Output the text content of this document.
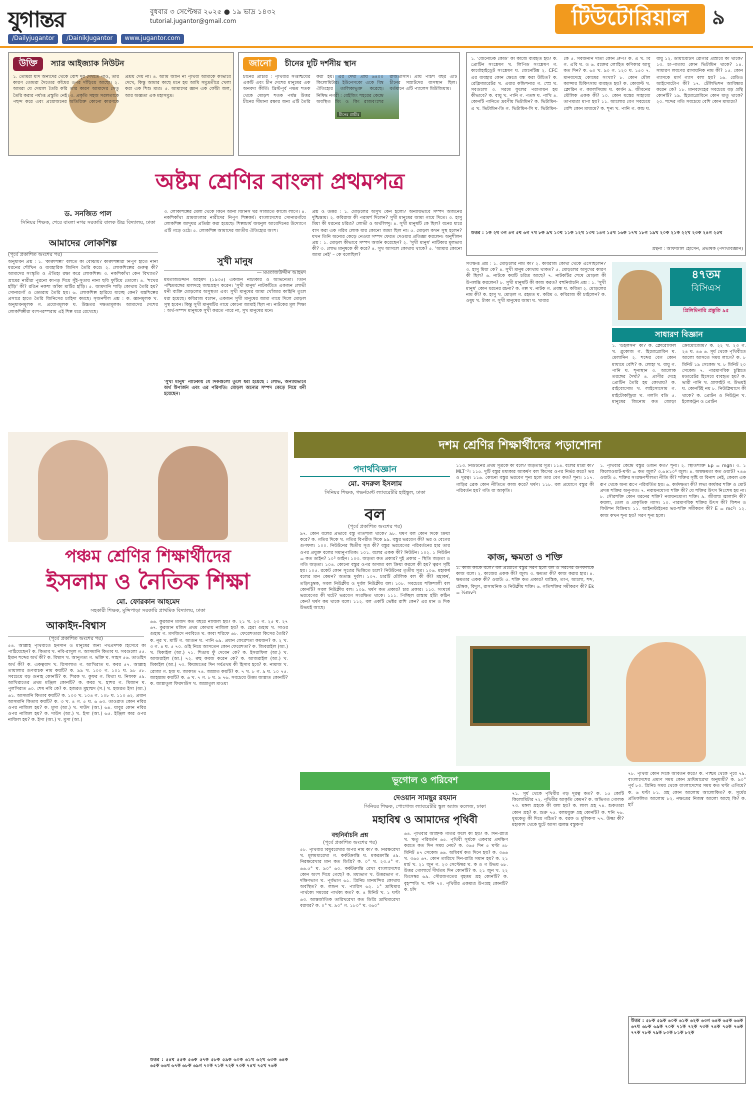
যুগান্তর	বুধবার ৩ সেপ্টেম্বর ২০২৫ ● ১৯ ভাদ্র ১৪৩২
tutorial.jugantor@gmail.com
/Dailyjugantor	/DainikJugantor	www.jugantor.com
টিউটোরিয়াল	৯
উক্তি স্যার আইজ্যাক নিউটন
১. তোমরা যদি অন্যদের থেকে বেশি দূর দেখতে পাও, তার কারণ তোমরা দৈত্যের কাঁধের ওপর দাঁড়িয়ে আছো। ২. আমরা যে দেয়াল তৈরি করি তার কারণ আমাদের সেতু তৈরি করার পর্যাপ্ত প্রস্তুতি নেই। ৩. প্রকৃতি সহজ সরলতাকে পছন্দ করে এবং প্রয়োজনের অতিরিক্ত কোনো কারণকে প্রশ্রয় দেয় না। ৪. আমি জানি না পৃথিবী আমাকে কীভাবে দেখে, কিন্তু আমার কাছে মনে হয় আমি সমুদ্রতীরে খেলা করা এক শিশু মাত্র। ৫. আমাদের জ্ঞান এক ফোঁটা জল, আর অজ্ঞতা এক মহাসমুদ্র।
জানো চীনের দুটি দর্শনীয় স্থান
চীনের প্রাচীর
চীনের প্রাচীর : পৃথিবীর সপ্তাশ্চর্যের একটি এবং চীন দেশের মানুষের এক অনবদ্য কীর্তি। খ্রিস্টপূর্ব পঞ্চম শতক থেকে ষোড়শ শতক পর্যন্ত উত্তর চীনের সীমানা রক্ষার জন্য এটি তৈরি করা হয়। এর দৈর্ঘ্য প্রায় ৬৪০০ কিলোমিটার। ইউনেসকো একে বিশ্ব ঐতিহ্যের তালিকাভুক্ত করেছে। নিষিদ্ধ নগরী : বেইজিং শহরের কেন্দ্রে অবস্থিত মিং ও কিং রাজবংশের রাজপ্রাসাদ। প্রায় পাঁচশ বছর এটি চীনের সম্রাটদের বাসস্থান ছিল। বর্তমানে এটি প্যালেস মিউজিয়াম।
১. 'জেনেটিক কোড' কী কাজে ব্যবহৃত হয়? ক. প্রোটিন সংশ্লেষণ খ. লিপিড সংশ্লেষণ গ. কার্বোহাইড্রেট সংশ্লেষণ ঘ. জেনেটিক্স ২. CFC এর ব্যবহার কোন ক্ষেত্রে বন্ধ করা উচিত? ক. রেফ্রিজারেটর খ. এয়ার কন্ডিশনার গ. স্প্রে ঘ. সবগুলো ৩. সরষে ফুলের পরাগায়ন হয় কীভাবে? ক. বায়ু খ. পানি গ. পতঙ্গ ঘ. পাখি ৪. কোনটি পানিতে দ্রবণীয় ভিটামিন? ক. ভিটামিন-এ খ. ভিটামিন-ডি গ. ভিটামিন-সি ঘ. ভিটামিন-কে ৫. সর্বজনীন দাতা কোন গ্রুপ? ক. এ খ. বি গ. এবি ঘ. ও ৬. রক্তের লোহিত কণিকার আয়ু কত দিন? ক. ৬০ খ. ৯০ গ. ১২০ ঘ. ১৫০ ৭. মানবদেহে কোষের সংখ্যা? ৮. কোন মৌল ক্যান্সার চিকিৎসায় ব্যবহৃত হয়? ক. কোবাল্ট খ. ক্লোরিন গ. ক্যালসিয়াম ঘ. কার্বন ৯. জীবনের মৌলিক একক কী? ১০. কোন যন্ত্রের সাহায্যে তাপমাত্রা মাপা হয়? ১১. আলোর বেগ সবচেয়ে বেশি কোন মাধ্যমে? ক. শূন্য খ. পানি গ. কাচ ঘ. বায়ু ১২. ডায়াবেটিস রোগীর প্রস্রাবে কী থাকে? ১৩. চা-পাতায় কোন ভিটামিন থাকে? ১৪. সাধারণ লবণের রাসায়নিক নাম কী? ১৫. কোন গ্যাসকে মার্স গ্যাস বলা হয়? ১৬. রেডিও আইসোটোপ কী? ১৭. টেলিভিশন আবিষ্কার করেন কে? ১৮. মানবদেহের সবচেয়ে বড় গ্রন্থি কোনটি? ১৯. হিমোগ্লোবিনে কোন ধাতু থাকে? ২০. শব্দের গতি সবচেয়ে বেশি কোন মাধ্যমে?
উত্তর : ১ক ২ঘ ৩গ ৪গ ৫ঘ ৬গ ৭খ ৮ক ৯খ ১০ঘ ১১ক ১২খ ১৩খ ১৪গ ১৫খ ১৬ক ১৭খ ১৮গ ১৯খ ২০ক ২১ক ২২খ ২৩ক ২৪গ ২৫ঘ
গ্রন্থনা : আফজাল হোসেন, প্রভাষক (পদার্থবিজ্ঞান)
অষ্টম শ্রেণির বাংলা প্রথমপত্র
ড. সনজিত পাল
সিনিয়র শিক্ষক, শেরে বাংলা নগর সরকারি বালক উচ্চ বিদ্যালয়, ঢাকা
আমাদের লোকশিল্প
(পূর্বে প্রকাশিত অংশের পর)
অনুধাবন প্রশ্ন : ১. 'কারুশিল্পী' বলতে কী বোঝায়? কারুশিল্পীরা নিপুণ হাতে নানা ধরনের শৌখিন ও ব্যবহারিক জিনিস তৈরি করে। ২. লোকশিল্পের গুরুত্ব কী? আমাদের সংস্কৃতি ও ঐতিহ্য রক্ষা করে লোকশিল্প। ৩. নকশিকাঁথা কেন বিখ্যাত? গ্রামের নারীরা পুরনো কাপড় দিয়ে সুঁই-সুতায় নানা ছবি ফুটিয়ে তোলে। ৪. 'শখের হাঁড়ি' কী? রঙিন নকশা আঁকা মাটির হাঁড়ি। ৫. জামদানি শাড়ি কোথায় তৈরি হয়? সোনারগাঁ ও ডেমরায় তৈরি হয়। ৬. লোকশিল্প হারিয়ে যাচ্ছে কেন? যন্ত্রশিল্পের প্রসারে হাতে তৈরি জিনিসের চাহিদা কমছে। সৃজনশীল প্রশ্ন : ক. জ্ঞানমূলক খ. অনুধাবনমূলক গ. প্রয়োগমূলক ঘ. উচ্চতর দক্ষতামূলক। আমাদের দেশের লোকশিল্পীরা বংশপরম্পরায় এই শিল্প ধরে রেখেছে।
৩. লোকশিল্পের মেলা থেকে কিনে আনা জিনিস ঘর সাজাতে কাজে লাগে। ৪. নকশিকাঁথা গ্রামবাংলার নারীদের নিপুণ শিল্পকর্ম। বাংলাদেশের সোনারগাঁয়ে লোকশিল্প জাদুঘর প্রতিষ্ঠা করা হয়েছে। শিল্পাচার্য জয়নুল আবেদিনের উদ্যোগে এটি গড়ে ওঠে। ৫. লোকশিল্প আমাদের জাতীয় ঐতিহ্যের অংশ।
সুখী মানুষ
— মমতাজউদ্দীন আহমদ
মমতাজউদ্দীন আহমদ (১৯৩৫) একজন নাট্যকার ও অভিনেতা। তিনি পশ্চিমবঙ্গের মালদহে জন্মগ্রহণ করেন। 'সুখী মানুষ' নাটকটিতে একজন লোভী ধনী ব্যক্তি মোড়লের অসুস্থতা এবং সুখী মানুষের জামা খোঁজার কাহিনি তুলে ধরা হয়েছে। কবিরাজ বলেন, একজন সুখী মানুষের জামা গায়ে দিলে মোড়ল সুস্থ হবেন। কিন্তু সুখী মানুষটির গায়ে কোনো জামাই ছিল না। নাটকের মূল শিক্ষা : অর্থ-সম্পদ মানুষকে সুখী করতে পারে না, সুখ মানুষের মনে।
'সুখী মানুষ' নাটিকায় যে দিকগুলো তুলে ধরা হয়েছে : লোভ, অন্যায়ভাবে অর্থ উপার্জন এবং এর পরিণতি। মোড়ল অন্যের সম্পদ কেড়ে নিয়ে ধনী হয়েছেন।
প্রশ্ন ও উত্তর : ১. মোড়লের অসুখ কেন হলো? অন্যায়ভাবে সম্পদ অর্জনের দুশ্চিন্তায়। ২. কবিরাজ কী পরামর্শ দিলেন? সুখী মানুষের জামা গায়ে দিতে। ৩. হাসু মিয়া কী ধরনের চরিত্র? লোভী ও অর্থলিপ্সু। ৪. সুখী মানুষটি কে ছিল? বনের ধারে বাস করা এক গরিব লোক যার কোনো জামা ছিল না। ৫. মোড়ল কখন সুস্থ হলেন? যখন তিনি অন্যের কেড়ে নেওয়া সম্পদ ফেরত দেওয়ার প্রতিজ্ঞা করলেন। অনুশীলন প্রশ্ন : ১. মোড়ল কীভাবে সম্পদ অর্জন করেছেন? ২. 'সুখী মানুষ' নাটিকার মূলভাব কী? ৩. লোভ মানুষকে কী করে? ৪. সুখ আসলে কোথায় থাকে? ৫. 'আমার কোনো জামা নেই' – কে বলেছিল?
সংক্ষিপ্ত প্রশ্ন : ১. মোড়লের নাম কী? ২. কবিরাজ কোথা থেকে এসেছিলেন? ৩. হাসু মিয়া কে? ৪. সুখী মানুষ কোথায় থাকত? ৫. মোড়লের অসুখের কারণ কী ছিল? ৬. নাটকে কয়টি চরিত্র আছে? ৭. নাটকটির শেষে মোড়ল কী উপলব্ধি করলেন? ৮. সুখী মানুষটি কী কাজ করত? বহুনির্বাচনি প্রশ্ন : ১. 'সুখী মানুষ' কোন ধরনের রচনা? ক. গল্প খ. নাটক গ. প্রবন্ধ ঘ. কবিতা ২. মোড়লের নাম কী? ক. হাসু খ. মোড়ল গ. রহমত ঘ. করিম ৩. কবিরাজ কী চাইলেন? ক. ওষুধ খ. টাকা গ. সুখী মানুষের জামা ঘ. খাবার
৪৭তম
বিসিএস
প্রিলিমিনারি প্রস্তুতি ৯৫
সাধারণ বিজ্ঞান
১. 'উইলসন' কী? ক. ক্লোরোফিল খ. গ্লুকোজ গ. হিমোগ্লোবিন ঘ. মেলানিন ২. শব্দের বেগ কোন মাধ্যমে বেশি? ক. লোহা খ. বায়ু গ. পানি ঘ. শূন্যস্থান ৩. আলোক তরঙ্গের দৈর্ঘ্য? ৪. প্রাণীর দেহে প্রোটিন তৈরি হয় কোথায়? ক. রাইবোসোম খ. লাইসোসোম গ. মাইটোকন্ড্রিয়া ঘ. গলগি বডি ৫. মানুষের জিনোম কত জোড়া ক্রোমোজোম? ক. ২২ খ. ২৩ গ. ২৪ ঘ. ৪৬ ৬. সূর্য থেকে পৃথিবীতে আলো আসতে সময় লাগে? ক. ৮ মিনিট ১৯ সেকেন্ড খ. ৮ মিনিট ২০ সেকেন্ড ৭. পারমাণবিক চুল্লিতে মডারেটর হিসেবে ব্যবহৃত হয়? ক. ভারী পানি খ. গ্রাফাইট গ. উভয়ই ঘ. কোনটিই নয় ৮. নিউক্লিয়াসে কী থাকে? ক. প্রোটন ও নিউট্রন খ. ইলেকট্রন ও প্রোটন
দশম শ্রেণির শিক্ষার্থীদের পড়াশোনা
পদার্থবিজ্ঞান
মো. বদরুল ইসলাম
সিনিয়র শিক্ষক, গভর্নমেন্ট ল্যাবরেটরি হাইস্কুল, ঢাকা
বল
(পূর্বে প্রকাশিত অংশের পর)
৯৭. কোন বলের প্রভাবে বস্তু গতিশীল থাকে? ৯৮. ঘর্ষণ বল কোন দিকে ক্রিয়া করে? ক. গতির দিকে খ. গতির বিপরীত দিকে ৯৯. বস্তুর ভরবেগ কী? ভর ও বেগের গুণফল। ১০০. নিউটনের দ্বিতীয় সূত্র কী? বস্তুর ভরবেগের পরিবর্তনের হার তার ওপর প্রযুক্ত বলের সমানুপাতিক। ১০১. বলের একক কী? নিউটন। ১০২. ১ নিউটন = কত ডাইন? ১০⁵ ডাইন। ১০৩. জড়তা কত প্রকার? দুই প্রকার – স্থিতি জড়তা ও গতি জড়তা। ১০৪. কোনো বস্তুর ওপর অসাম্য বল ক্রিয়া করলে কী হয়? ত্বরণ সৃষ্টি হয়। ১০৫. রকেট কোন সূত্রের ভিত্তিতে চলে? নিউটনের তৃতীয় সূত্র। ১০৬. মহাকর্ষ বলের মান কেমন? অত্যন্ত দুর্বল। ১০৭. চারটি মৌলিক বল কী কী? মহাকর্ষ, তড়িৎচুম্বক, সবল নিউক্লীয় ও দুর্বল নিউক্লীয় বল। ১০৮. সবচেয়ে শক্তিশালী বল কোনটি? সবল নিউক্লীয় বল। ১০৯. ঘর্ষণ কত প্রকার? চার প্রকার। ১১০. সংঘর্ষে ভরবেগের কী ঘটে? ভরবেগ সংরক্ষিত থাকে। ১১১. পিচ্ছিল রাস্তায় হাঁটা কঠিন কেন? ঘর্ষণ কম থাকে বলে। ১১২. বল একটি ভেক্টর রাশি কেন? এর মান ও দিক উভয়ই আছে।
১১৩. নিউটনের প্রথম সূত্রকে কী বলে? জড়তার সূত্র। ১১৪. বলের মাত্রা কী? MLT⁻²। ১১৫. দুটি বস্তুর মধ্যকার আকর্ষণ বল কিসের ওপর নির্ভর করে? ভর ও দূরত্ব। ১১৬. কোনো বস্তুর ভরবেগ শূন্য হলে তার বেগ কত? শূন্য। ১১৭. গাড়ির ব্রেক কোন নীতিতে কাজ করে? ঘর্ষণ। ১১৮. বল প্রয়োগে বস্তুর কী পরিবর্তন হয়? গতি বা আকৃতি।
কাজ, ক্ষমতা ও শক্তি
১. কাজ কাকে বলে? বল প্রয়োগে বস্তুর সরণ হলে বল ও সরণের গুণফলকে কাজ বলে। ২. কাজের একক কী? জুল। ৩. ক্ষমতা কী? কাজ করার হার। ৪. ক্ষমতার একক কী? ওয়াট। ৫. শক্তি কত প্রকার? যান্ত্রিক, তাপ, আলো, শব্দ, চৌম্বক, বিদ্যুৎ, রাসায়নিক ও নিউক্লীয় শক্তি। ৬. গতিশক্তির সমীকরণ কী? Ek = ½mv²।
১. পৃথিবীর কেন্দ্রে বস্তুর ওজন কত? শূন্য। ২. স্থিতিশক্তি Ep = mgh। ৩. ১ কিলোওয়াট-ঘণ্টা = কত জুল? ৩.৬×১০⁶ জুল। ৪. অশ্বক্ষমতা কত ওয়াট? ৭৪৬ ওয়াট। ৫. শক্তির সংরক্ষণশীলতা নীতি কী? শক্তির সৃষ্টি বা বিনাশ নেই, কেবল এক রূপ থেকে অন্য রূপে পরিবর্তিত হয়। ৬. কর্মদক্ষতা কী? লভ্য কার্যকর শক্তি ও মোট প্রদত্ত শক্তির অনুপাত। ৭. নবায়নযোগ্য শক্তি কী? যে শক্তির উৎস নিঃশেষ হয় না। ৮. সৌরশক্তি কোন ধরনের শক্তি? নবায়নযোগ্য শক্তি। ৯. জীবাশ্ম জ্বালানি কী? কয়লা, তেল ও প্রাকৃতিক গ্যাস। ১০. পারমাণবিক শক্তির উৎস কী? ফিশন ও ফিউশন বিক্রিয়া। ১১. আইনস্টাইনের ভর-শক্তি সমীকরণ কী? E = mc²। ১২. কাজ কখন শূন্য হয়? সরণ শূন্য হলে।
পঞ্চম শ্রেণির শিক্ষার্থীদের
ইসলাম ও নৈতিক শিক্ষা
মো. ফোরকান আহমেদ
সহকারী শিক্ষক, মুন্সিপাড়া সরকারি প্রাথমিক বিদ্যালয়, ঢাকা
আকাইদ-বিশ্বাস
(পূর্বে প্রকাশিত অংশের পর)
৫৪. আল্লাহ পৃথিবীতে ইনসান ও মানুষের জন্য পথপ্রদর্শক হিসেবে কী পাঠিয়েছেন? ক. কিতাব খ. নবি-রাসুল গ. আসমানি কিতাব ঘ. সবগুলো ৫৫. ইমান শব্দের অর্থ কী? ক. বিশ্বাস খ. আনুগত্য গ. ভক্তি ঘ. সাহস ৫৬. তাওহিদ অর্থ কী? ক. একত্ববাদ খ. রিসালাত গ. আখিরাত ঘ. কবর ৫৭. আল্লাহ তায়ালার গুণবাচক নাম কয়টি? ক. ৯৯ খ. ১০০ গ. ১০১ ঘ. ৯৮ ৫৮. সবচেয়ে বড় গুনাহ কোনটি? ক. শিরক খ. কুফর গ. মিথ্যা ঘ. নিফাক ৫৯. আখিরাতের প্রথম মঞ্জিল কোনটি? ক. কবর খ. হাশর গ. মিজান ঘ. পুলসিরাত ৬০. শেষ নবি কে? ক. হজরত মুহাম্মদ (স.) খ. হজরত ইসা (আ.) ৬১. আসমানি কিতাব কয়টি? ক. ১০০ খ. ১০৪ গ. ১০৮ ঘ. ১১০ ৬২. প্রধান আসমানি কিতাব কয়টি? ক. ৩ খ. ৪ গ. ৫ ঘ. ৬ ৬৩. তাওরাত কোন নবির ওপর নাজিল হয়? ক. মুসা (আ.) খ. দাউদ (আ.) ৬৪. যাবুর কোন নবির ওপর নাজিল হয়? ক. দাউদ (আ.) খ. ইসা (আ.) ৬৫. ইঞ্জিল কার ওপর নাজিল হয়? ক. ইসা (আ.) খ. মুসা (আ.)
৬৬. কুরআন মজিদ কত বছরে নাজিল হয়? ক. ২১ খ. ২৩ গ. ২৫ ঘ. ২৭ ৬৭. কুরআন মজিদ প্রথম কোথায় নাজিল হয়? ক. হেরা গুহায় খ. সাওর গুহায় গ. মসজিদে নববিতে ঘ. কাবা শরিফে ৬৮. ফেরেশতারা কিসের তৈরি? ক. নূর খ. মাটি গ. আগুন ঘ. পানি ৬৯. প্রধান ফেরেশতা কয়জন? ক. ২ খ. ৩ গ. ৪ ঘ. ৫ ৭০. ওহি নিয়ে আসতেন কোন ফেরেশতা? ক. জিবরাইল (আ.) খ. মিকাইল (আ.) ৭১. শিঙায় ফুঁ দেবেন কে? ক. ইসরাফিল (আ.) খ. আজরাইল (আ.) ৭২. রুহ কবজ করেন কে? ক. আজরাইল (আ.) খ. মিকাইল (আ.) ৭৩. কিয়ামতের দিন সর্বপ্রথম কী হিসাব হবে? ক. নামাজ খ. রোজা গ. হজ ঘ. জাকাত ৭৪. জান্নাত কয়টি? ক. ৭ খ. ৮ গ. ৯ ঘ. ১০ ৭৫. জাহান্নাম কয়টি? ক. ৬ খ. ৭ গ. ৮ ঘ. ৯ ৭৬. সবচেয়ে উত্তম জান্নাত কোনটি? ক. জান্নাতুল ফিরদাউস খ. জান্নাতুল মাওয়া
উত্তর : ৫৪ঘ ৫৫ক ৫৬ক ৫৭ক ৫৮ক ৫৯ক ৬০ক ৬১খ ৬২খ ৬৩ক ৬৪ক ৬৫ক ৬৬খ ৬৭ক ৬৮ক ৬৯গ ৭০ক ৭১ক ৭২ক ৭৩ক ৭৪খ ৭৫খ ৭৬ক
ভূগোল ও পরিবেশ
দেওয়ান সামছুর রহমান
সিনিয়র শিক্ষক, পোগোজ ল্যাবরেটরি স্কুল অ্যান্ড কলেজ, ঢাকা
মহাবিশ্ব ও আমাদের পৃথিবী
বহুনির্বাচনি প্রশ্ন
(পূর্বে প্রকাশিত অংশের পর)
৫৮. পৃথিবীর বিষুবরেখার অপর নাম কী? ক. নিরক্ষরেখা খ. মূলমধ্যরেখা গ. কর্কটক্রান্তি ঘ. মকরক্রান্তি ৫৯. নিরক্ষরেখার মান কত ডিগ্রি? ক. ০° খ. ২৩.৫° গ. ৬৬.৫° ঘ. ৯০° ৬০. কর্কটক্রান্তি রেখা বাংলাদেশের কোন অংশ দিয়ে গেছে? ক. মধ্যভাগ খ. উত্তরভাগ গ. দক্ষিণভাগ ঘ. পূর্বভাগ ৬১. গ্রিনিচ মানমন্দির কোথায় অবস্থিত? ক. লন্ডন খ. প্যারিস ৬২. ১° দ্রাঘিমার পার্থক্যে সময়ের পার্থক্য কত? ক. ৪ মিনিট খ. ১ ঘণ্টা ৬৩. আন্তর্জাতিক তারিখরেখা কত ডিগ্রি দ্রাঘিমারেখা বরাবর? ক. ০° খ. ৯০° গ. ১৮০° ঘ. ৩৬০°
৬৪. পৃথিবীর আহ্নিক গতির ফলে কী হয়? ক. দিন-রাত্রি খ. ঋতু পরিবর্তন ৬৫. পৃথিবী সূর্যকে একবার প্রদক্ষিণ করতে কত দিন সময় নেয়? ক. ৩৬৫ দিন ৫ ঘণ্টা ৪৮ মিনিট ৪৭ সেকেন্ড ৬৬. অধিবর্ষ কত দিনে হয়? ক. ৩৬৬ খ. ৩৬৫ ৬৭. কোন তারিখে দিন-রাত্রি সমান হয়? ক. ২১ মার্চ খ. ২১ জুন গ. ২৩ সেপ্টেম্বর ঘ. ক ও গ উভয় ৬৮. উত্তর গোলার্ধে দীর্ঘতম দিন কোনটি? ক. ২১ জুন খ. ২২ ডিসেম্বর ৬৯. সৌরজগতের বৃহত্তম গ্রহ কোনটি? ক. বৃহস্পতি খ. শনি ৭০. পৃথিবীর একমাত্র উপগ্রহ কোনটি? ক. চাঁদ
৭১. সূর্য থেকে পৃথিবীর গড় দূরত্ব কত? ক. ১৫ কোটি কিলোমিটার ৭২. পৃথিবীর আকৃতি কেমন? ক. অভিগত গোলক ৭৩. মঙ্গল গ্রহকে কী বলা হয়? ক. লাল গ্রহ ৭৪. শুকতারা কোন গ্রহ? ক. শুক্র ৭৫. বলয়যুক্ত গ্রহ কোনটি? ক. শনি ৭৬. ধূমকেতু কী দিয়ে গঠিত? ক. বরফ ও ধূলিকণা ৭৭. উল্কা কী? মহাকাশ থেকে ছুটে আসা জ্বলন্ত বস্তুকণা
৭৮. পৃথিবী কোন দিকে আবর্তন করে? ক. পশ্চিম থেকে পূর্বে ৭৯. বাংলাদেশের প্রমাণ সময় কোন দ্রাঘিমারেখা অনুযায়ী? ক. ৯০° পূর্ব ৮০. গ্রিনিচ সময় থেকে বাংলাদেশের সময় কত ঘণ্টা এগিয়ে? ক. ৬ ঘণ্টা ৮১. গ্রহ কোন আলোয় আলোকিত? ক. সূর্যের প্রতিফলিত আলোয় ৮২. নক্ষত্রের নিজস্ব আলো আছে কি? ক. হ্যাঁ
উত্তর : ৫৮ক ৫৯ক ৬০ক ৬১ক ৬২ক ৬৩গ ৬৪ক ৬৫ক ৬৬ক ৬৭ঘ ৬৮ক ৬৯ক ৭০ক ৭১ক ৭২ক ৭৩ক ৭৪ক ৭৫ক ৭৬ক ৭৭ক ৭৮ক ৭৯ক ৮০ক ৮১ক ৮২ক
